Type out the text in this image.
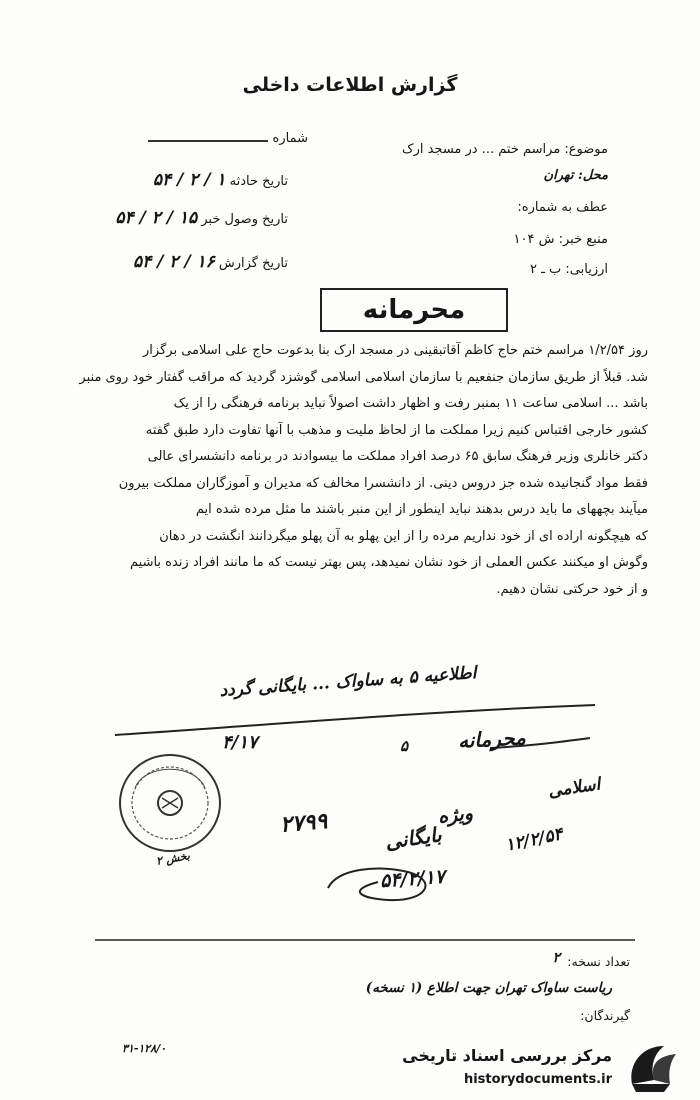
گزارش اطلاعات داخلی
موضوع: مراسم ختم ... در مسجد ارک
محل: تهران
عطف به شماره:
منبع خبر: ش ۱۰۴
ارزیابی: ب ـ ۲
شماره
تاریخ حادثه ۱ / ۲ / ۵۴
تاریخ وصول خبر ۱۵ / ۲ / ۵۴
تاریخ گزارش ۱۶ / ۲ / ۵۴
محرمانه

روز ۱/۲/۵۴ مراسم ختم حاج کاظم آقاتبقینی در مسجد ارک بنا بدعوت حاج علی اسلامی برگزار

شد. قبلاً از طریق سازمان جنفعیم با سازمان اسلامی اسلامی گوشزد گردید که مراقب گفتار خود روی منبر

باشد ... اسلامی ساعت ۱۱ بمنبر رفت و اظهار داشت اصولاً نباید برنامه فرهنگی را از یک

کشور خارجی اقتباس کنیم زیرا مملکت ما از لحاظ ملیت و مذهب با آنها تفاوت دارد طبق گفته

دکتر خانلری وزیر فرهنگ سابق ۶۵ درصد افراد مملکت ما بیسوادند در برنامه دانشسرای عالی

فقط مواد گنجانیده شده جز دروس دینی. از دانشسرا مخالف که مدیران و آموزگاران مملکت بیرون

میآیند بچههای ما باید درس بدهند نباید اینطور از این منبر باشند ما مثل مرده شده ایم

که هیچگونه اراده ای از خود نداریم مرده را از این پهلو به آن پهلو میگردانند انگشت در دهان

وگوش او میکنند عکس العملی از خود نشان نمیدهد، پس بهتر نیست که ما مانند افراد زنده باشیم

و از خود حرکتی نشان دهیم.

اطلاعیه ۵ به ساواک ... بایگانی گردد
محرمانه
۵
۴/۱۷
اسلامی
۱۲/۲/۵۴
ویژه
بایگانی
۲۷۹۹
۵۴/۲/۱۷
بخش ۲
تعداد نسخه:
۲
ریاست ساواک تهران جهت اطلاع (۱ نسخه)
گیرندگان:
۳۱-۱۲۸/۰	مرکز بررسی اسناد تاریخی
historydocuments.ir
